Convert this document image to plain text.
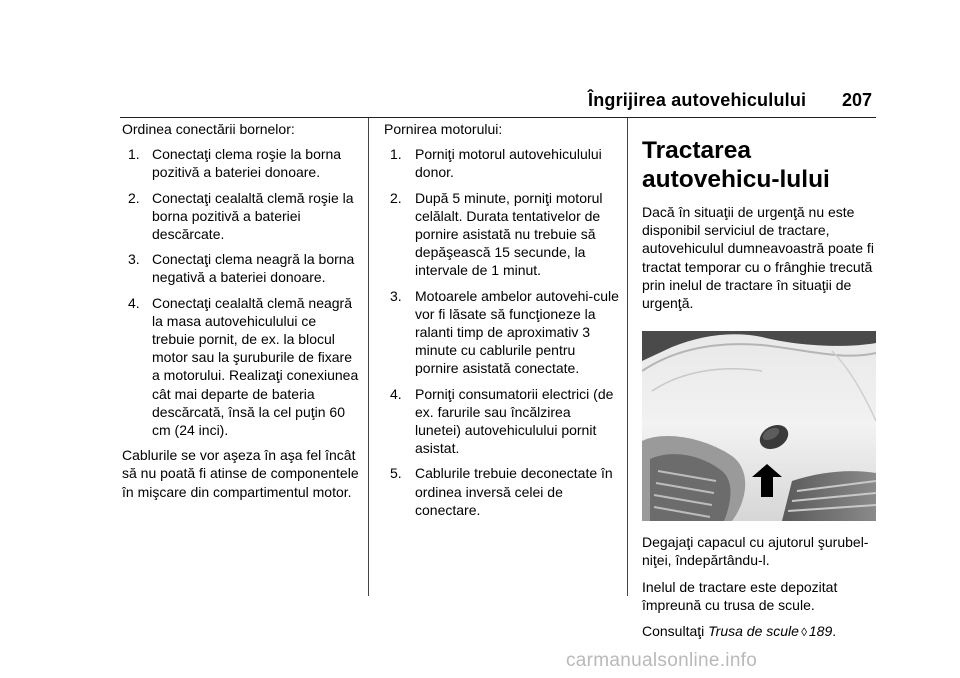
Îngrijirea autovehiculului 207

Ordinea conectării bornelor:

1. Conectaţi clema roşie la borna pozitivă a bateriei donoare.
2. Conectaţi cealaltă clemă roşie la borna pozitivă a bateriei descărcate.
3. Conectaţi clema neagră la borna negativă a bateriei donoare.
4. Conectaţi cealaltă clemă neagră la masa autovehiculului ce trebuie pornit, de ex. la blocul motor sau la şuruburile de fixare a motorului. Realizaţi conexiunea cât mai departe de bateria descărcată, însă la cel puţin 60 cm (24 inci).

Cablurile se vor aşeza în aşa fel încât să nu poată fi atinse de componentele în mişcare din compartimentul motor.

Pornirea motorului:

1. Porniţi motorul autovehiculului donor.
2. După 5 minute, porniţi motorul celălalt. Durata tentativelor de pornire asistată nu trebuie să depăşească 15 secunde, la intervale de 1 minut.
3. Motoarele ambelor autovehi-cule vor fi lăsate să funcţioneze la ralanti timp de aproximativ 3 minute cu cablurile pentru pornire asistată conectate.
4. Porniţi consumatorii electrici (de ex. farurile sau încălzirea lunetei) autovehiculului pornit asistat.
5. Cablurile trebuie deconectate în ordinea inversă celei de conectare.

Tractarea autovehicu-lului

Dacă în situaţii de urgenţă nu este disponibil serviciul de tractare, autovehiculul dumneavoastră poate fi tractat temporar cu o frânghie trecută prin inelul de tractare în situaţii de urgenţă.

Degajaţi capacul cu ajutorul şurubel-niţei, îndepărtându-l.

Inelul de tractare este depozitat împreună cu trusa de scule.

Consultaţi Trusa de scule ◊ 189.

carmanualsonline.info
